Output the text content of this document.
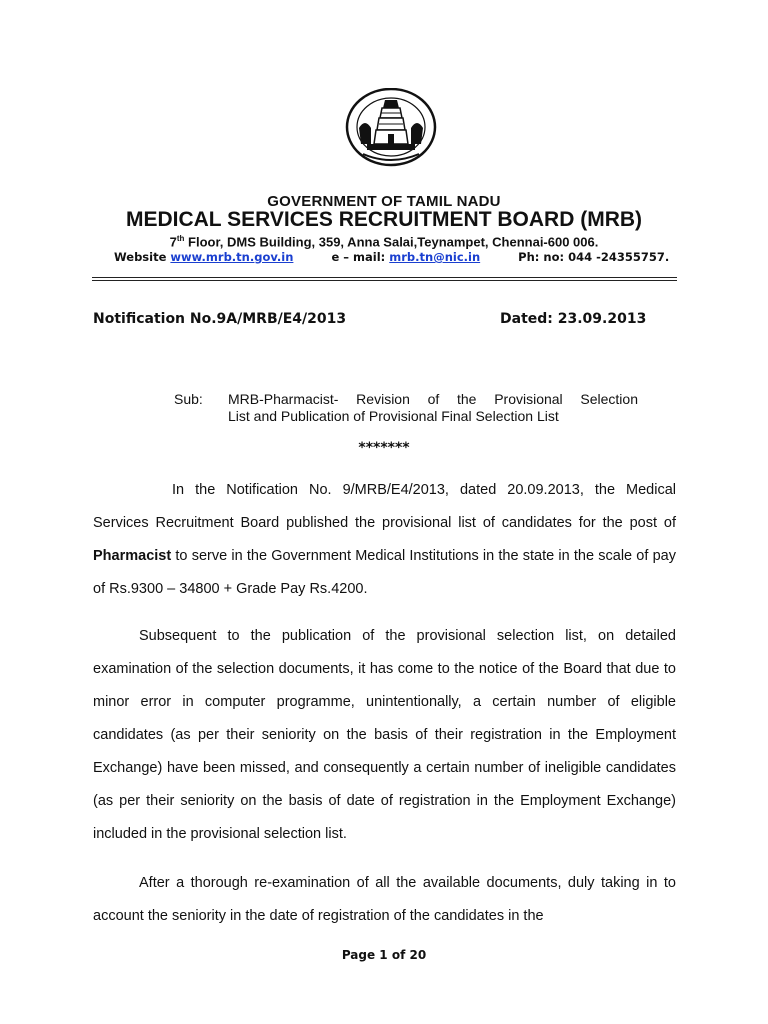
GOVERNMENT OF TAMIL NADU
MEDICAL SERVICES RECRUITMENT BOARD (MRB)
7th Floor, DMS Building, 359, Anna Salai,Teynampet, Chennai-600 006.
Website www.mrb.tn.gov.in	e – mail: mrb.tn@nic.in	Ph: no: 044 -24355757.
Notification No.9A/MRB/E4/2013	Dated: 23.09.2013
Sub: MRB-Pharmacist- Revision of the Provisional Selection
List and Publication of Provisional Final Selection List
*******
In the Notification No. 9/MRB/E4/2013, dated 20.09.2013, the Medical Services Recruitment Board published the provisional list of candidates for the post of Pharmacist to serve in the Government Medical Institutions in the state in the scale of pay of Rs.9300 – 34800 + Grade Pay Rs.4200.
Subsequent to the publication of the provisional selection list, on detailed examination of the selection documents, it has come to the notice of the Board that due to minor error in computer programme, unintentionally, a certain number of eligible candidates (as per their seniority on the basis of their registration in the Employment Exchange) have been missed, and consequently a certain number of ineligible candidates (as per their seniority on the basis of date of registration in the Employment Exchange) included in the provisional selection list.
After a thorough re-examination of all the available documents, duly taking in to account the seniority in the date of registration of the candidates in the
Page 1 of 20
